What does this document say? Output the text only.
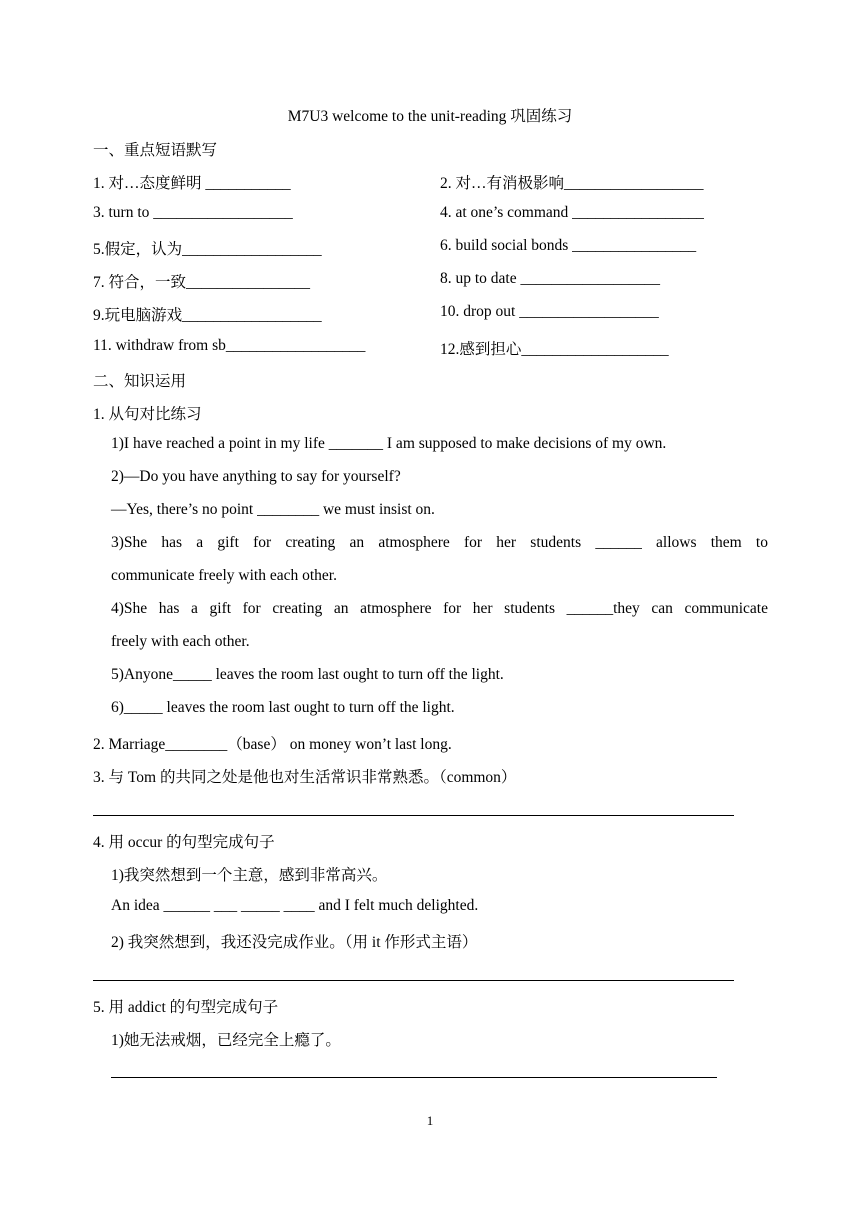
M7U3 welcome to the unit-reading 巩固练习
一、重点短语默写
1. 对…态度鲜明 ___________	2. 对…有消极影响__________________
3. turn to __________________	4. at one’s command _________________
5.假定，认为__________________	6. build social bonds ________________
7. 符合，一致________________	8. up to date __________________
9.玩电脑游戏__________________	10. drop out __________________
11. withdraw from sb__________________	12.感到担心___________________
二、知识运用
1. 从句对比练习
1)I have reached a point in my life _______ I am supposed to make decisions of my own.
2)—Do you have anything to say for yourself?
—Yes, there’s no point ________ we must insist on.
3)She has a gift for creating an atmosphere for her students ______ allows them to
communicate freely with each other.
4)She has a gift for creating an atmosphere for her students ______they can communicate
freely with each other.
5)Anyone_____ leaves the room last ought to turn off the light.
6)_____ leaves the room last ought to turn off the light.
2. Marriage________（base） on money won’t last long.
3. 与 Tom 的共同之处是他也对生活常识非常熟悉。（common）
4. 用 occur 的句型完成句子
1)我突然想到一个主意，感到非常高兴。
An idea ______ ___ _____ ____ and I felt much delighted.
2) 我突然想到，我还没完成作业。（用 it 作形式主语）
5. 用 addict 的句型完成句子
1)她无法戒烟，已经完全上瘾了。
1
